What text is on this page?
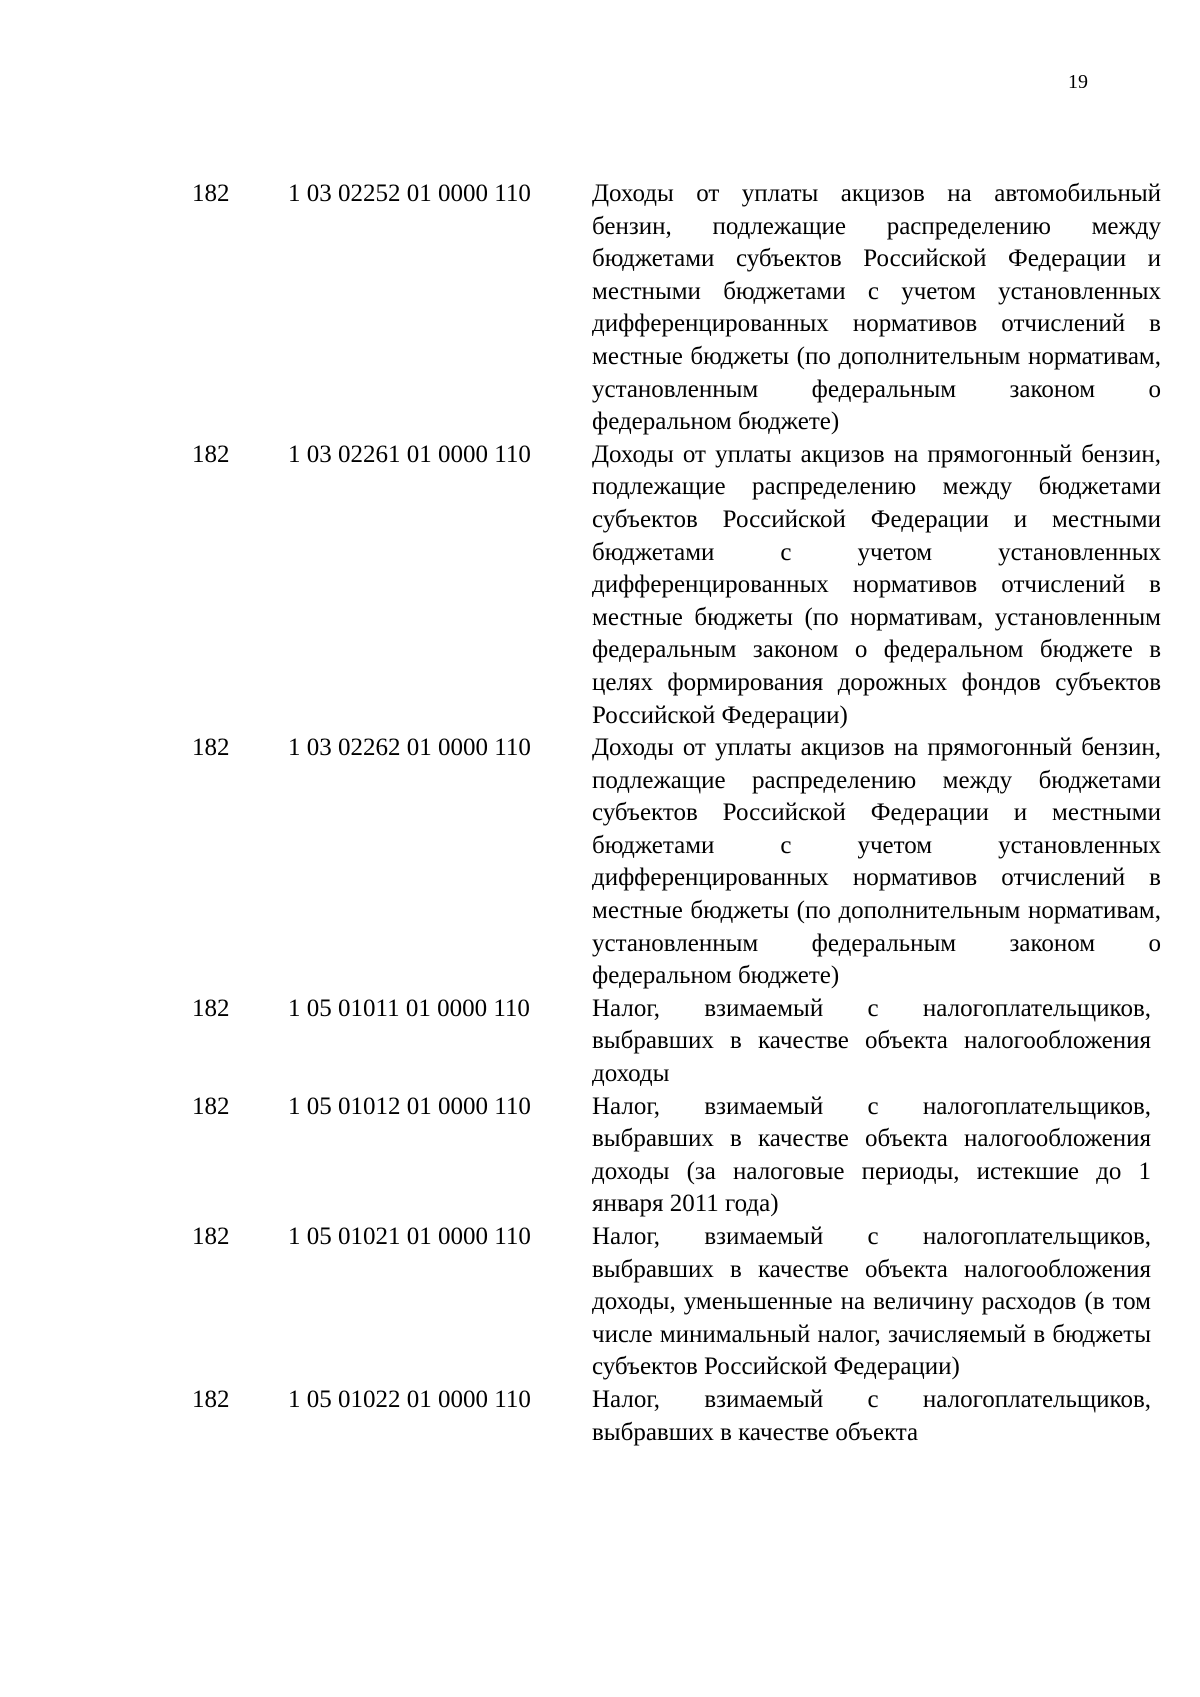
19
182 1 03 02252 01 0000 110 Доходы от уплаты акцизов на автомобильный бензин, подлежащие распределению между бюджетами субъектов Российской Федерации и местными бюджетами с учетом установленных дифференцированных нормативов отчислений в местные бюджеты (по дополнительным нормативам, установленным федеральным законом о федеральном бюджете)
182 1 03 02261 01 0000 110 Доходы от уплаты акцизов на прямогонный бензин, подлежащие распределению между бюджетами субъектов Российской Федерации и местными бюджетами с учетом установленных дифференцированных нормативов отчислений в местные бюджеты (по нормативам, установленным федеральным законом о федеральном бюджете в целях формирования дорожных фондов субъектов Российской Федерации)
182 1 03 02262 01 0000 110 Доходы от уплаты акцизов на прямогонный бензин, подлежащие распределению между бюджетами субъектов Российской Федерации и местными бюджетами с учетом установленных дифференцированных нормативов отчислений в местные бюджеты (по дополнительным нормативам, установленным федеральным законом о федеральном бюджете)
182 1 05 01011 01 0000 110 Налог, взимаемый с налогоплательщиков, выбравших в качестве объекта налогообложения доходы
182 1 05 01012 01 0000 110 Налог, взимаемый с налогоплательщиков, выбравших в качестве объекта налогообложения доходы (за налоговые периоды, истекшие до 1 января 2011 года)
182 1 05 01021 01 0000 110 Налог, взимаемый с налогоплательщиков, выбравших в качестве объекта налогообложения доходы, уменьшенные на величину расходов (в том числе минимальный налог, зачисляемый в бюджеты субъектов Российской Федерации)
182 1 05 01022 01 0000 110 Налог, взимаемый с налогоплательщиков, выбравших в качестве объекта
